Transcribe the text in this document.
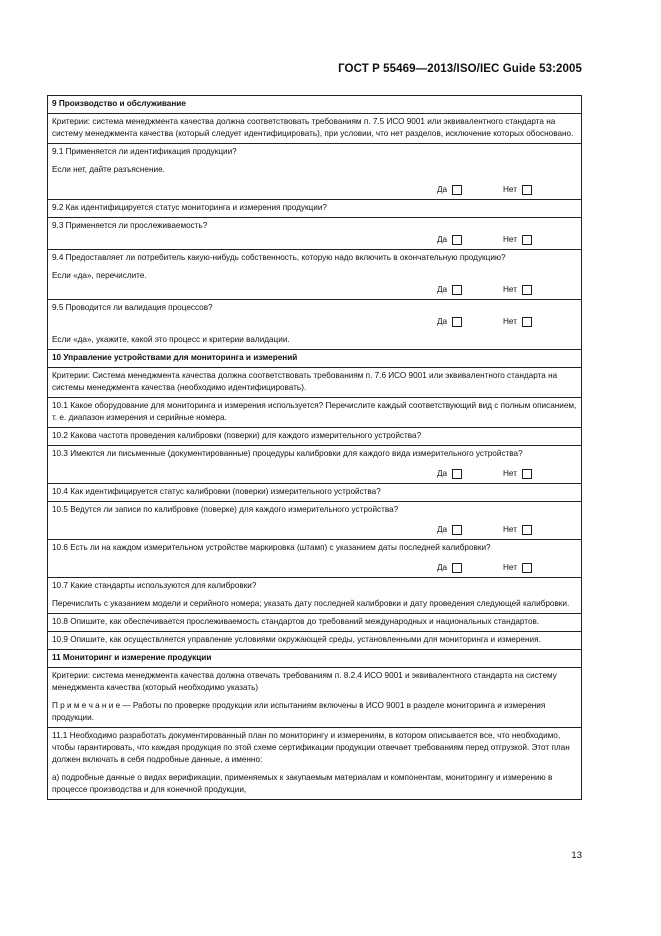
ГОСТ Р 55469—2013/ISO/IEC Guide 53:2005

9 Производство и обслуживание

Критерии: система менеджмента качества должна соответствовать требованиям п. 7.5 ИСО 9001 или эквивалентного стандарта на систему менеджмента качества (который следует идентифицировать), при условии, что нет разделов, исключение которых обосновано.

9.1 Применяется ли идентификация продукции?

Если нет, дайте разъяснение.

Да	Нет

9.2 Как идентифицируется статус мониторинга и измерения продукции?

9.3 Применяется ли прослеживаемость?

Да	Нет

9.4 Предоставляет ли потребитель какую-нибудь собственность, которую надо включить в окончательную продукцию?

Если «да», перечислите.

Да	Нет

9.5 Проводится ли валидация процессов?

Да	Нет

Если «да», укажите, какой это процесс и критерии валидации.

10 Управление устройствами для мониторинга и измерений

Критерии: Система менеджмента качества должна соответствовать требованиям п. 7.6 ИСО 9001 или эквивалентного стандарта на системы менеджмента качества (необходимо идентифицировать).

10.1 Какое оборудование для мониторинга и измерения используется? Перечислите каждый соответствующий вид с полным описанием, т. е. диапазон измерения и серийные номера.

10.2 Какова частота проведения калибровки (поверки) для каждого измерительного устройства?

10.3 Имеются ли письменные (документированные) процедуры калибровки для каждого вида измерительного устройства?

Да	Нет

10.4 Как идентифицируется статус калибровки (поверки) измерительного устройства?

10.5 Ведутся ли записи по калибровке (поверке) для каждого измерительного устройства?

Да	Нет

10.6 Есть ли на каждом измерительном устройстве маркировка (штамп) с указанием даты последней калибровки?

Да	Нет

10.7 Какие стандарты используются для калибровки?

Перечислить с указанием модели и серийного номера; указать дату последней калибровки и дату проведения следующей калибровки.

10.8 Опишите, как обеспечивается прослеживаемость стандартов до требований международных и национальных стандартов.

10.9 Опишите, как осуществляется управление условиями окружающей среды, установленными для мониторинга и измерения.

11 Мониторинг и измерение продукции

Критерии: система менеджмента качества должна отвечать требованиям п. 8.2.4 ИСО 9001 и эквивалентного стандарта на систему менеджмента качества (который необходимо указать)

П р и м е ч а н и е — Работы по проверке продукции или испытаниям включены в ИСО 9001 в разделе мониторинга и измерения продукции.

11.1 Необходимо разработать документированный план по мониторингу и измерениям, в котором описывается все, что необходимо, чтобы гарантировать, что каждая продукция по этой схеме сертификации продукции отвечает требованиям перед отгрузкой. Этот план должен включать в себя подробные данные, а именно:

а) подробные данные о видах верификации, применяемых к закупаемым материалам и компонентам, мониторингу и измерению в процессе производства и для конечной продукции,

13
